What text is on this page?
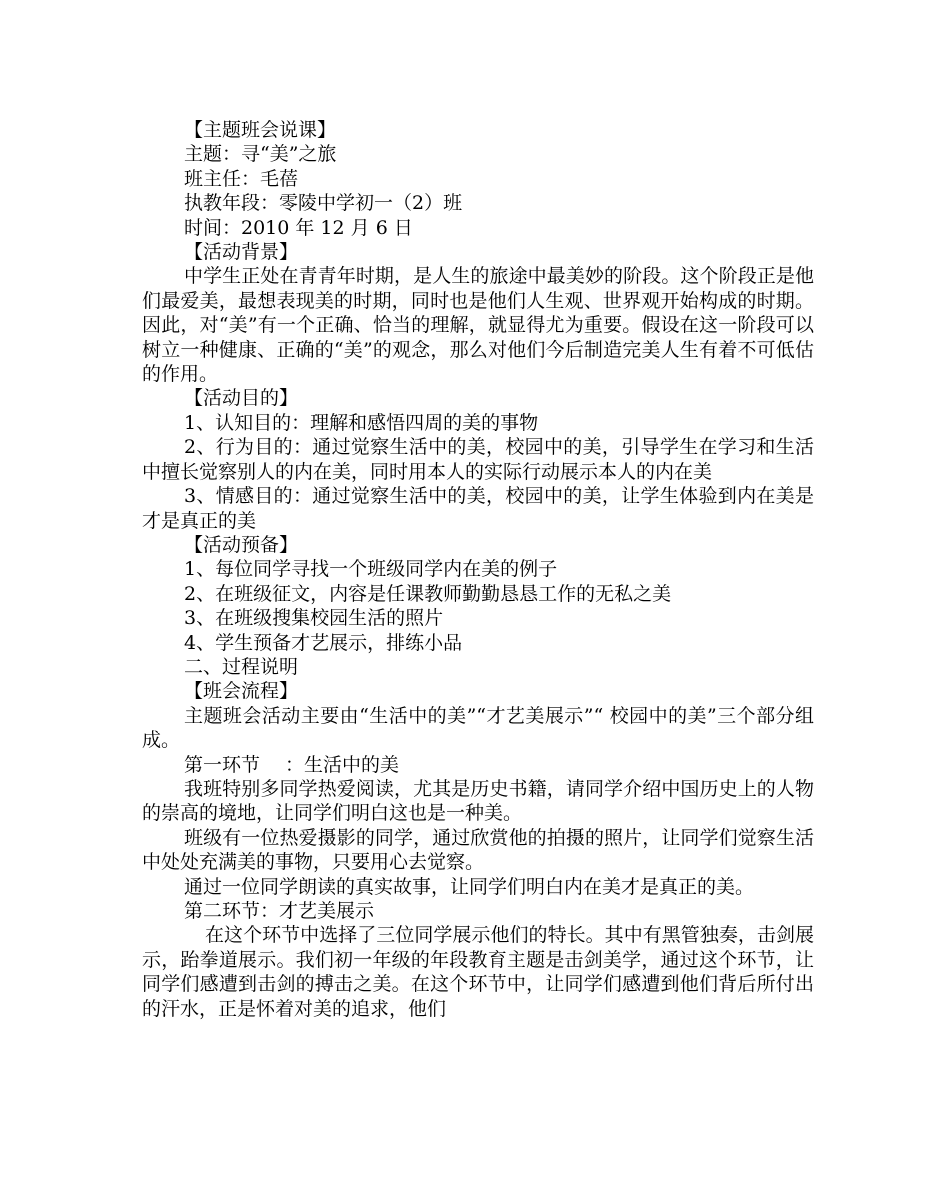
【主题班会说课】

主题：寻“美”之旅

班主任：毛蓓

执教年段：零陵中学初一（2）班

时间：2010 年 12 月 6 日

【活动背景】

中学生正处在青青年时期，是人生的旅途中最美妙的阶段。这个阶段正是他们最爱美，最想表现美的时期，同时也是他们人生观、世界观开始构成的时期。因此，对“美”有一个正确、恰当的理解，就显得尤为重要。假设在这一阶段可以树立一种健康、正确的“美”的观念，那么对他们今后制造完美人生有着不可低估的作用。

【活动目的】

1、认知目的：理解和感悟四周的美的事物

2、行为目的：通过觉察生活中的美，校园中的美，引导学生在学习和生活中擅长觉察别人的内在美，同时用本人的实际行动展示本人的内在美

3、情感目的：通过觉察生活中的美，校园中的美，让学生体验到内在美是才是真正的美

【活动预备】

1、每位同学寻找一个班级同学内在美的例子

2、在班级征文，内容是任课教师勤勤恳恳工作的无私之美

3、在班级搜集校园生活的照片

4、学生预备才艺展示，排练小品

二、过程说明

【班会流程】

主题班会活动主要由“生活中的美”“才艺美展示”“ 校园中的美”三个部分组成。

第一环节　 ：生活中的美

我班特别多同学热爱阅读，尤其是历史书籍，请同学介绍中国历史上的人物的崇高的境地，让同学们明白这也是一种美。

班级有一位热爱摄影的同学，通过欣赏他的拍摄的照片，让同学们觉察生活中处处充满美的事物，只要用心去觉察。

通过一位同学朗读的真实故事，让同学们明白内在美才是真正的美。

第二环节：才艺美展示

在这个环节中选择了三位同学展示他们的特长。其中有黑管独奏，击剑展示，跆拳道展示。我们初一年级的年段教育主题是击剑美学，通过这个环节，让同学们感遭到击剑的搏击之美。在这个环节中，让同学们感遭到他们背后所付出的汗水，正是怀着对美的追求，他们
